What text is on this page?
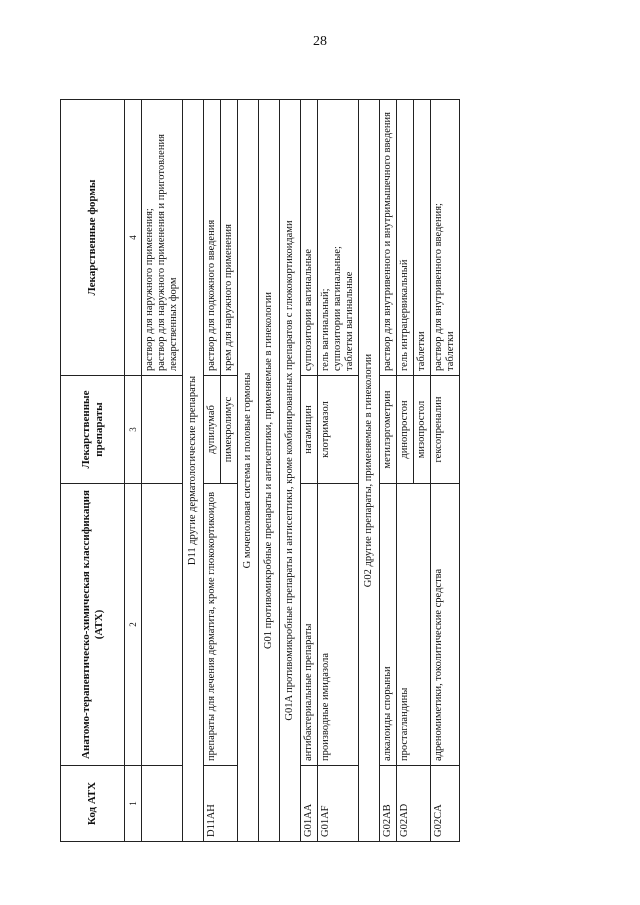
28
Код АТХ	Анатомо-терапевтическо-химическая классификация (АТХ)	Лекарственные препараты	Лекарственные формы
1	2	3	4
			раствор для наружного применения;
раствор для наружного применения и приготовления лекарственных форм
D11 другие дерматологические препараты			
D11AH	препараты для лечения дерматита, кроме глюкокортикоидов	дупилумаб	раствор для подкожного введения
		пимекролимус	крем для наружного применения
G мочеполовая система и половые гормоны			
G01 противомикробные препараты и антисептики, применяемые в гинекологии			
G01A противомикробные препараты и антисептики, кроме комбинированных препаратов с глюкокортикоидами			
G01AA	антибактериальные препараты	натамицин	суппозитории вагинальные
G01AF	производные имидазола	клотримазол	гель вагинальный;
суппозитории вагинальные;
таблетки вагинальные
G02 другие препараты, применяемые в гинекологии			
G02AB	алкалоиды спорыньи	метилэргометрин	раствор для внутривенного и внутримышечного введения
G02AD	простагландины	динопростон	гель интрацервикальный
		мизопростол	таблетки
G02CA	адреномиметики, токолитические средства	гексопреналин	раствор для внутривенного введения;
таблетки
